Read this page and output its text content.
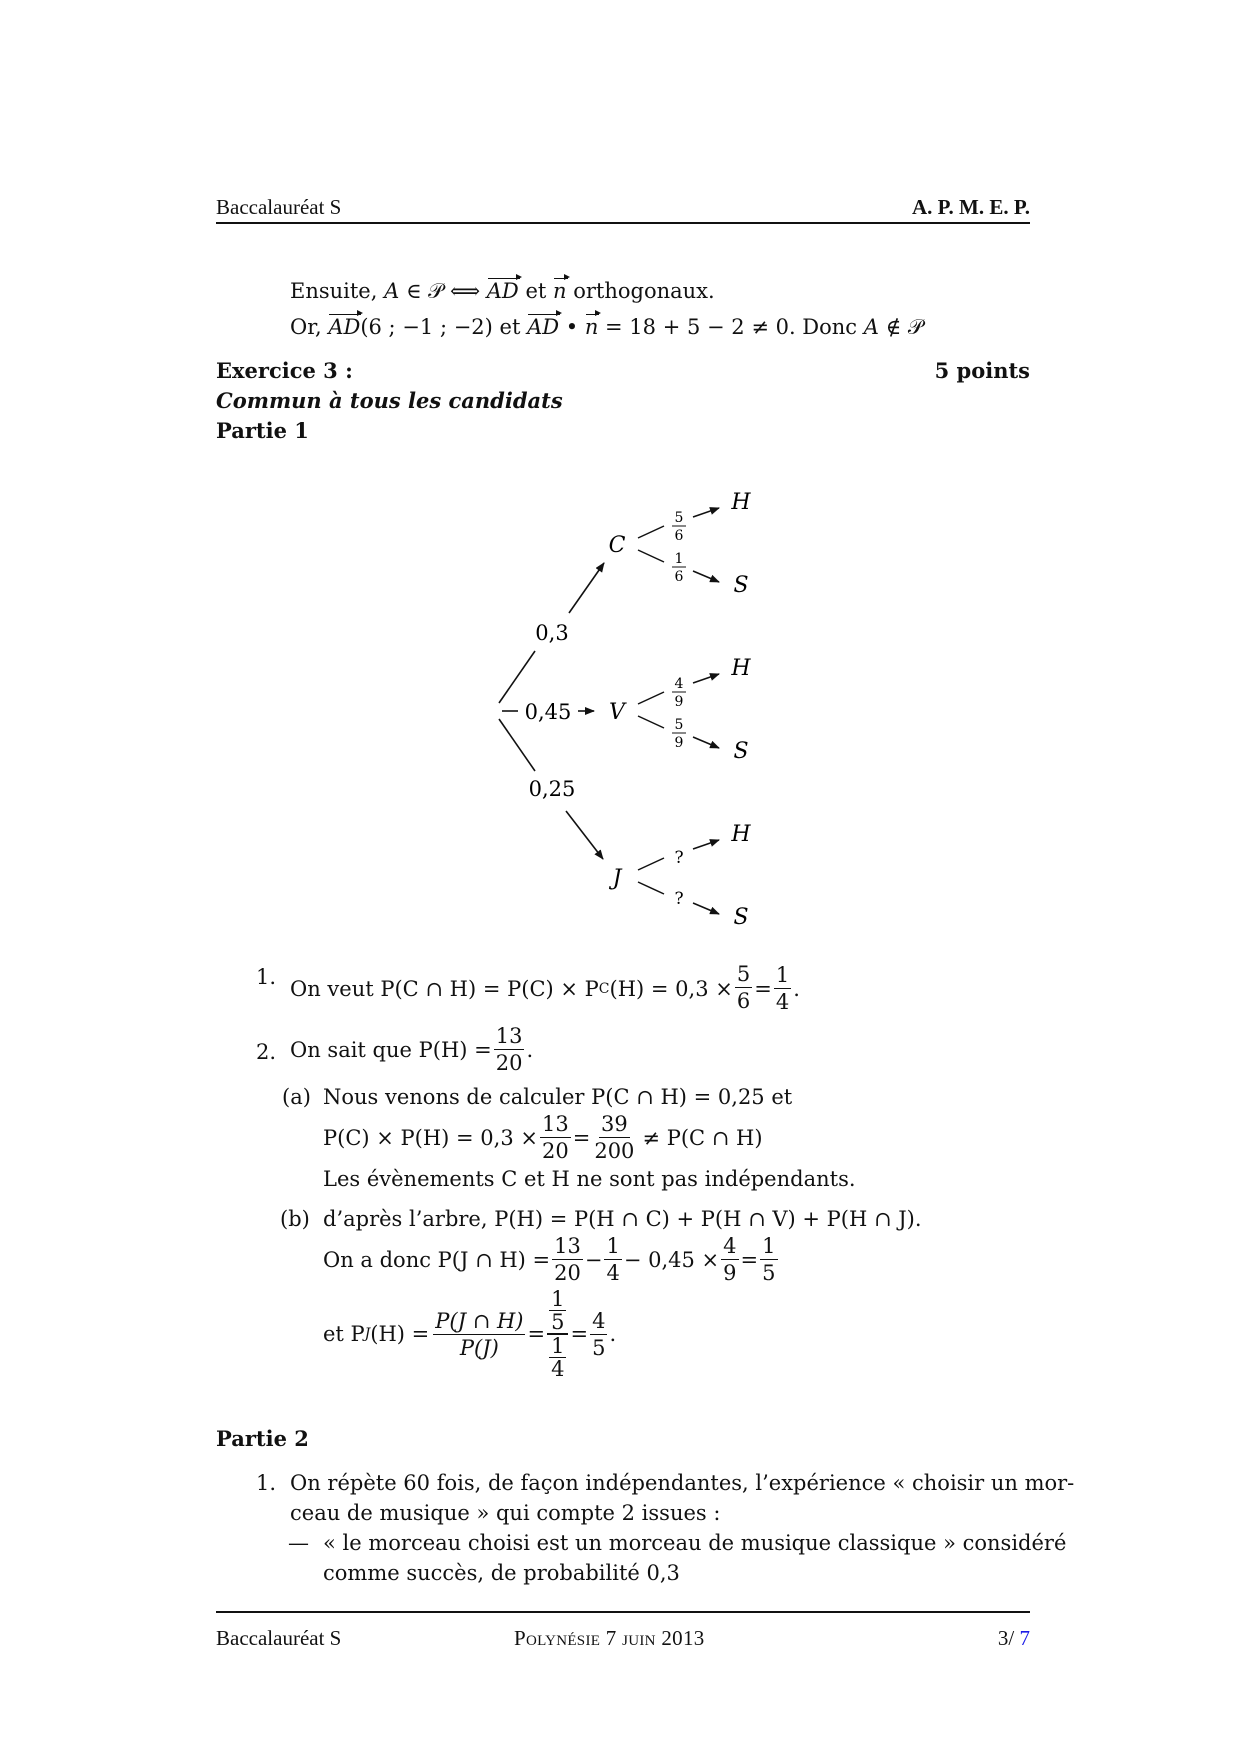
Baccalauréat S	A. P. M. E. P.
Ensuite, A ∈ 𝒫 ⟺ AD et n orthogonaux.
Or, AD(6 ; −1 ; −2) et AD • n = 18 + 5 − 2 ≠ 0. Donc A ∉ 𝒫
Exercice 3 :	5 points
Commun à tous les candidats
Partie 1
0,3
0,45
0,25
C
V
J
5
6
1
6
H
S
4
9
5
9
H
S
?
?
H
S
1. On veut P(C ∩ H) = P(C) × P C $(H) = 0,3 \times \frac{5}{6} = \frac{1}{4}$ .
2. On sait que $P(H) = \frac{13}{20}$ .
(a) Nous venons de calculer P(C ∩ H) = 0,25 et
$P(C) \times P(H) = 0,3 \times \frac{13}{20} = \frac{39}{200} \ne P(C$ ∩ H)
Les évènements C et H ne sont pas indépendants.
(b) d’après l’arbre, P(H) = P(H ∩ C) + P(H ∩ V) + P(H ∩ J).
On a donc P(J ∩ $H) = \frac{13}{20} - \frac{1}{4} - 0,45 \times \frac{4}{9} = \frac{1}{5}$
et P J $(H) = \frac{P(J \cap H)}{P(J)} = 1$
5
1
$4 = \frac{4}{5}$ .
Partie 2
1. On répète 60 fois, de façon indépendantes, l’expérience « choisir un mor-
ceau de musique » qui compte 2 issues :
— « le morceau choisi est un morceau de musique classique » considéré
comme succès, de probabilité 0,3
Baccalauréat S	Polynésie 7 juin 2013	3/ 7
